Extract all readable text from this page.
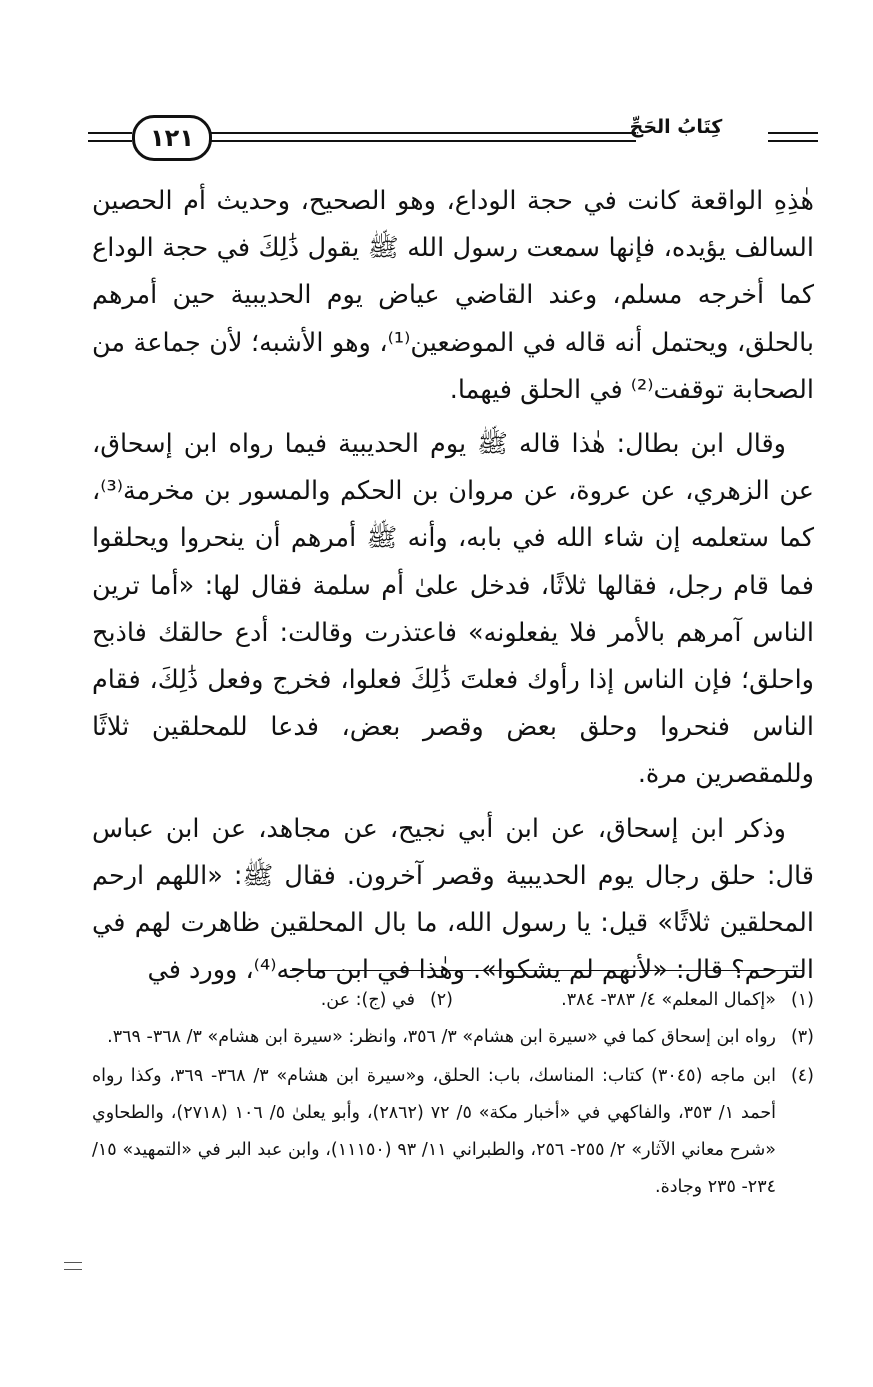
١٢١	كِتَابُ الحَجِّ

هٰذِهِ الواقعة كانت في حجة الوداع، وهو الصحيح، وحديث أم الحصين السالف يؤيده، فإنها سمعت رسول الله ﷺ يقول ذَٰلِكَ في حجة الوداع كما أخرجه مسلم، وعند القاضي عياض يوم الحديبية حين أمرهم بالحلق، ويحتمل أنه قاله في الموضعين⁽¹⁾، وهو الأشبه؛ لأن جماعة من الصحابة توقفت⁽²⁾ في الحلق فيهما.

وقال ابن بطال: هٰذا قاله ﷺ يوم الحديبية فيما رواه ابن إسحاق، عن الزهري، عن عروة، عن مروان بن الحكم والمسور بن مخرمة⁽³⁾، كما ستعلمه إن شاء الله في بابه، وأنه ﷺ أمرهم أن ينحروا ويحلقوا فما قام رجل، فقالها ثلاثًا، فدخل علىٰ أم سلمة فقال لها: «أما ترين الناس آمرهم بالأمر فلا يفعلونه» فاعتذرت وقالت: أدع حالقك فاذبح واحلق؛ فإن الناس إذا رأوك فعلتَ ذَٰلِكَ فعلوا، فخرج وفعل ذَٰلِكَ، فقام الناس فنحروا وحلق بعض وقصر بعض، فدعا للمحلقين ثلاثًا وللمقصرين مرة.

وذكر ابن إسحاق، عن ابن أبي نجيح، عن مجاهد، عن ابن عباس قال: حلق رجال يوم الحديبية وقصر آخرون. فقال ﷺ: «اللهم ارحم المحلقين ثلاثًا» قيل: يا رسول الله، ما بال المحلقين ظاهرت لهم في الترحم؟ قال: «لأنهم لم يشكوا». وهٰذا في ابن ماجه⁽⁴⁾، وورد في

(١)
«إكمال المعلم» ٤/ ٣٨٣- ٣٨٤.
(٢)
في (ج): عن.
(٣)
رواه ابن إسحاق كما في «سيرة ابن هشام» ٣/ ٣٥٦، وانظر: «سيرة ابن هشام» ٣/ ٣٦٨- ٣٦٩.
(٤)
ابن ماجه (٣٠٤٥) كتاب: المناسك، باب: الحلق، و«سيرة ابن هشام» ٣/ ٣٦٨- ٣٦٩، وكذا رواه أحمد ١/ ٣٥٣، والفاكهي في «أخبار مكة» ٥/ ٧٢ (٢٨٦٢)، وأبو يعلىٰ ٥/ ١٠٦ (٢٧١٨)، والطحاوي «شرح معاني الآثار» ٢/ ٢٥٥- ٢٥٦، والطبراني ١١/ ٩٣ (١١١٥٠)، وابن عبد البر في «التمهيد» ١٥/ ٢٣٤- ٢٣٥ وجادة.
